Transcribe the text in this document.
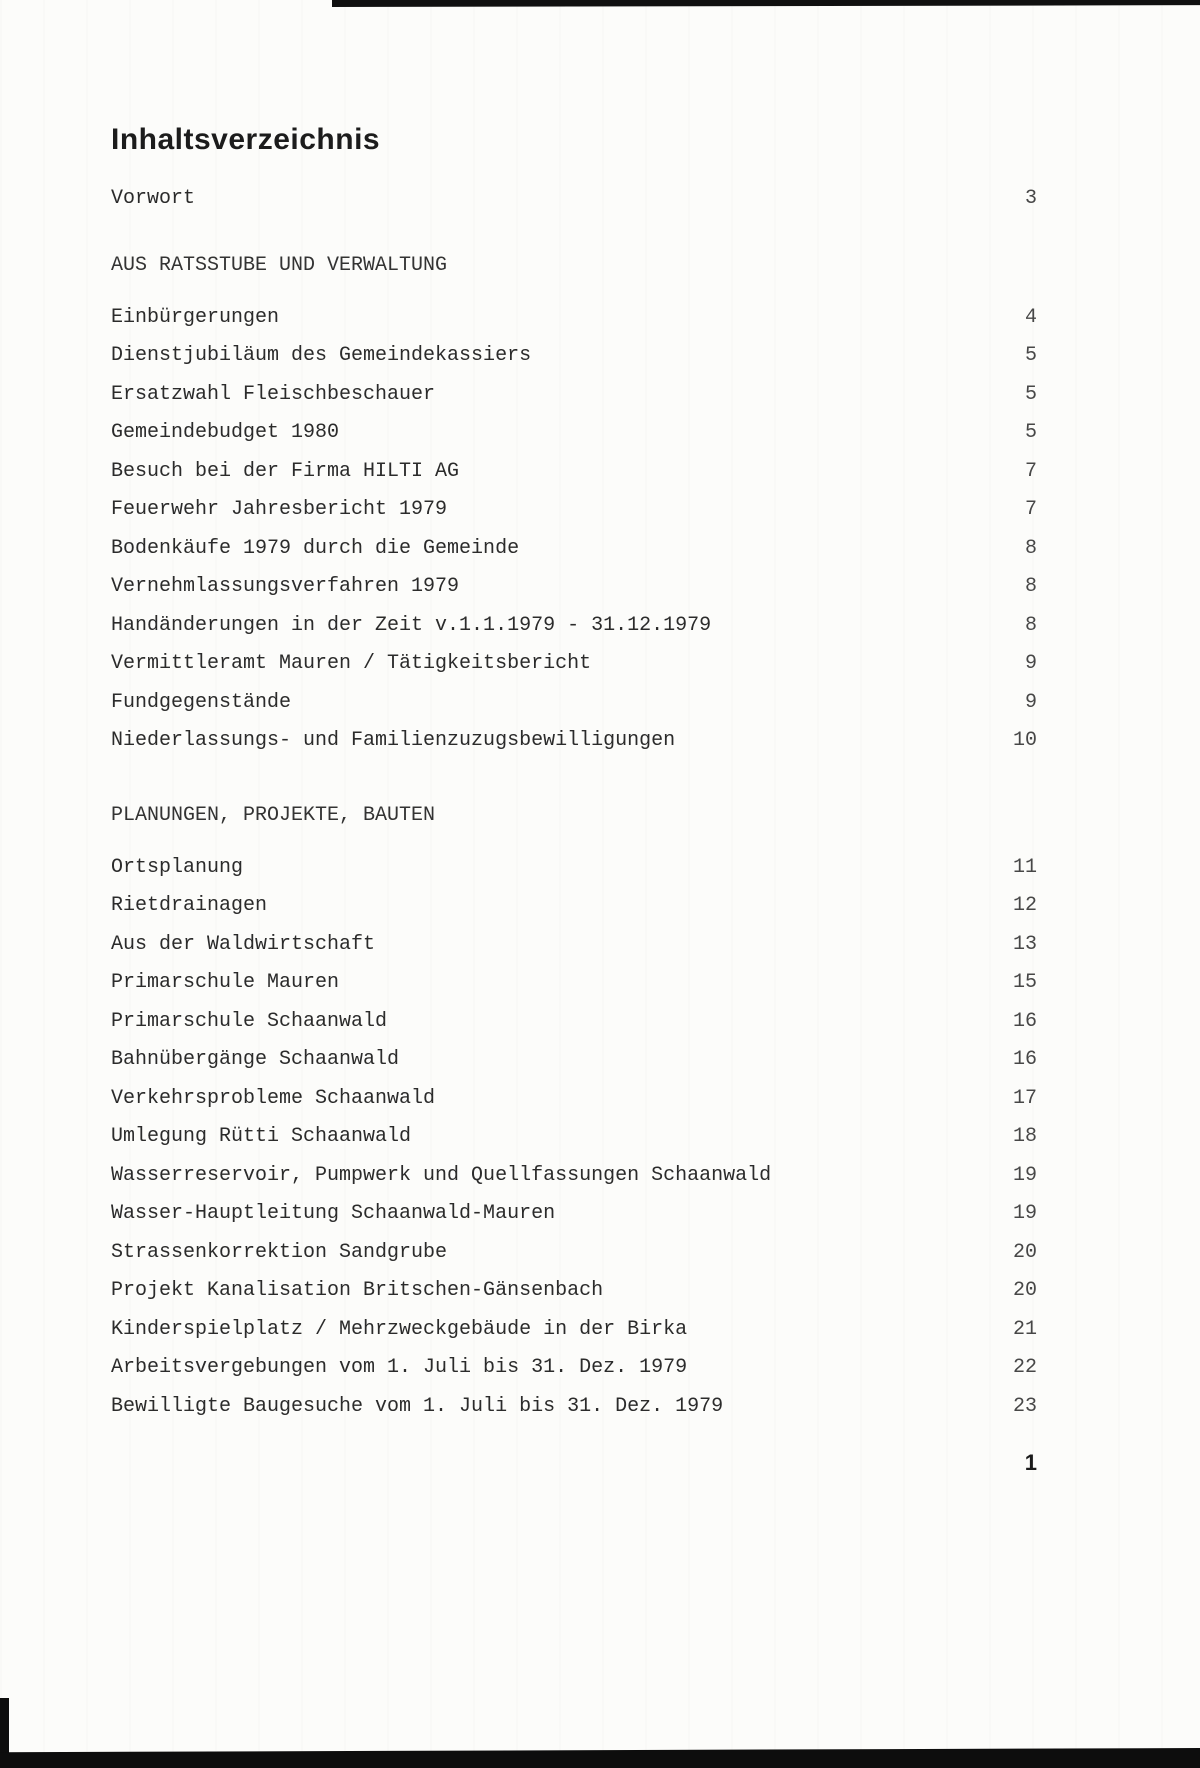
Inhaltsverzeichnis
Vorwort	3
AUS RATSSTUBE UND VERWALTUNG
Einbürgerungen	4
Dienstjubiläum des Gemeindekassiers	5
Ersatzwahl Fleischbeschauer	5
Gemeindebudget 1980	5
Besuch bei der Firma HILTI AG	7
Feuerwehr Jahresbericht 1979	7
Bodenkäufe 1979 durch die Gemeinde	8
Vernehmlassungsverfahren 1979	8
Handänderungen in der Zeit v.1.1.1979 - 31.12.1979	8
Vermittleramt Mauren / Tätigkeitsbericht	9
Fundgegenstände	9
Niederlassungs- und Familienzuzugsbewilligungen	10
PLANUNGEN, PROJEKTE, BAUTEN
Ortsplanung	11
Rietdrainagen	12
Aus der Waldwirtschaft	13
Primarschule Mauren	15
Primarschule Schaanwald	16
Bahnübergänge Schaanwald	16
Verkehrsprobleme Schaanwald	17
Umlegung Rütti Schaanwald	18
Wasserreservoir, Pumpwerk und Quellfassungen Schaanwald	19
Wasser-Hauptleitung Schaanwald-Mauren	19
Strassenkorrektion Sandgrube	20
Projekt Kanalisation Britschen-Gänsenbach	20
Kinderspielplatz / Mehrzweckgebäude in der Birka	21
Arbeitsvergebungen vom 1. Juli bis 31. Dez. 1979	22
Bewilligte Baugesuche vom 1. Juli bis 31. Dez. 1979	23
1
